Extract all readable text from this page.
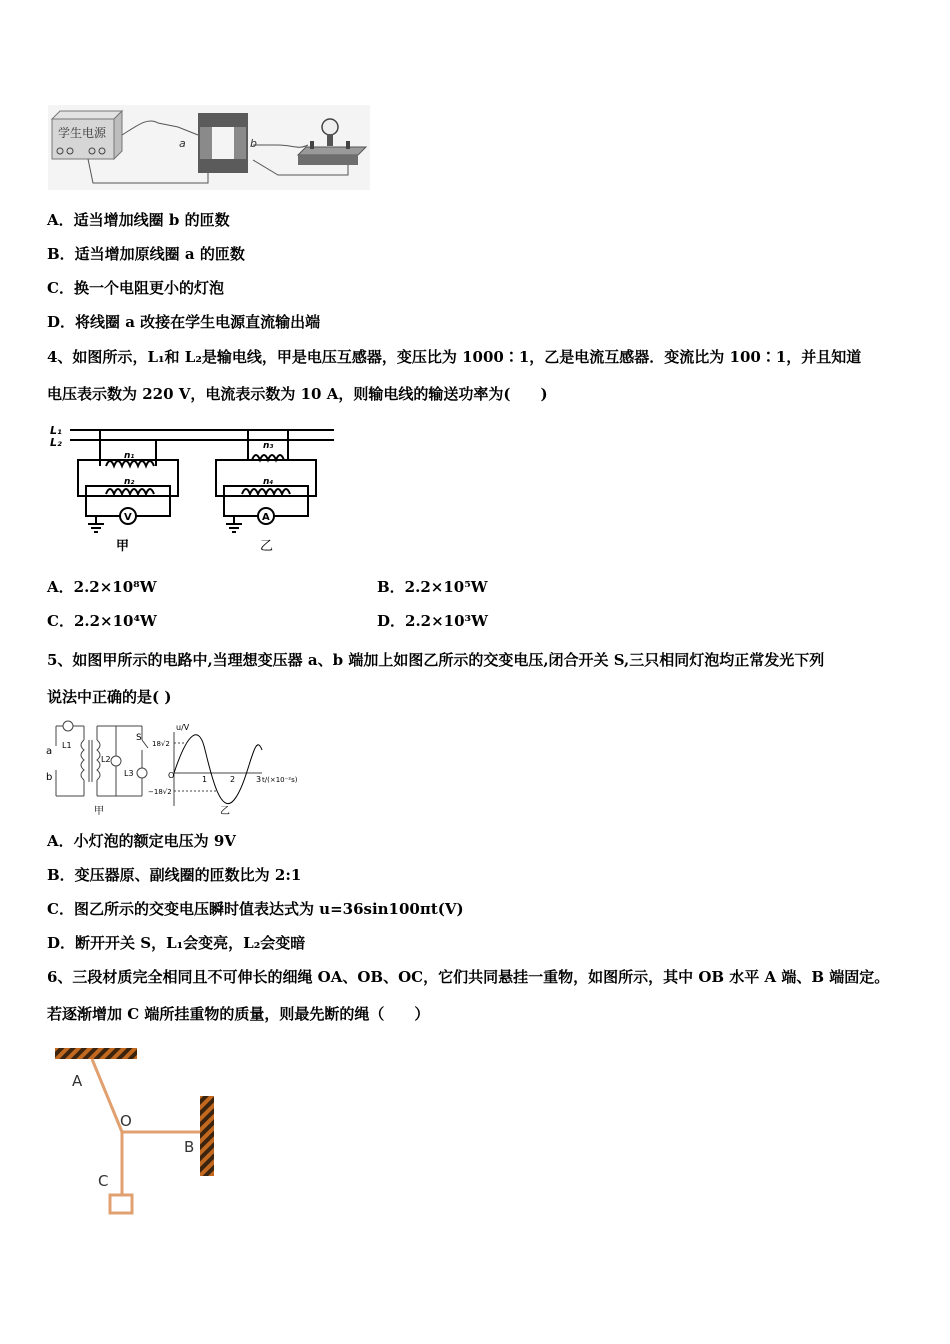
学生电源
a	b
A．适当增加线圈 b 的匝数
B．适当增加原线圈 a 的匝数
C．换一个电阻更小的灯泡
D．将线圈 a 改接在学生电源直流输出端
4、如图所示，L₁和 L₂是输电线，甲是电压互感器，变压比为 1000∶1，乙是电流互感器．变流比为 100∶1，并且知道
电压表示数为 220 V，电流表示数为 10 A，则输电线的输送功率为(　　)
L₁
L₂
n₁
n₂
n₃
n₄
V	A
甲	乙
A．2.2×10⁸W	B．2.2×10⁵W
C．2.2×10⁴W	D．2.2×10³W
5、如图甲所示的电路中,当理想变压器 a、b 端加上如图乙所示的交变电压,闭合开关 S,三只相同灯泡均正常发光下列
说法中正确的是( )
a
b
L1
L2
L3
S
u/V
18√2
−18√2
O	1	2	3 t/(×10⁻²s)
甲	乙
A．小灯泡的额定电压为 9V
B．变压器原、副线圈的匝数比为 2:1
C．图乙所示的交变电压瞬时值表达式为 u=36sin100πt(V)
D．断开开关 S，L₁会变亮，L₂会变暗
6、三段材质完全相同且不可伸长的细绳 OA、OB、OC，它们共同悬挂一重物，如图所示，其中 OB 水平 A 端、B 端固定。
若逐渐增加 C 端所挂重物的质量，则最先断的绳（　　）
A
O
B
C
